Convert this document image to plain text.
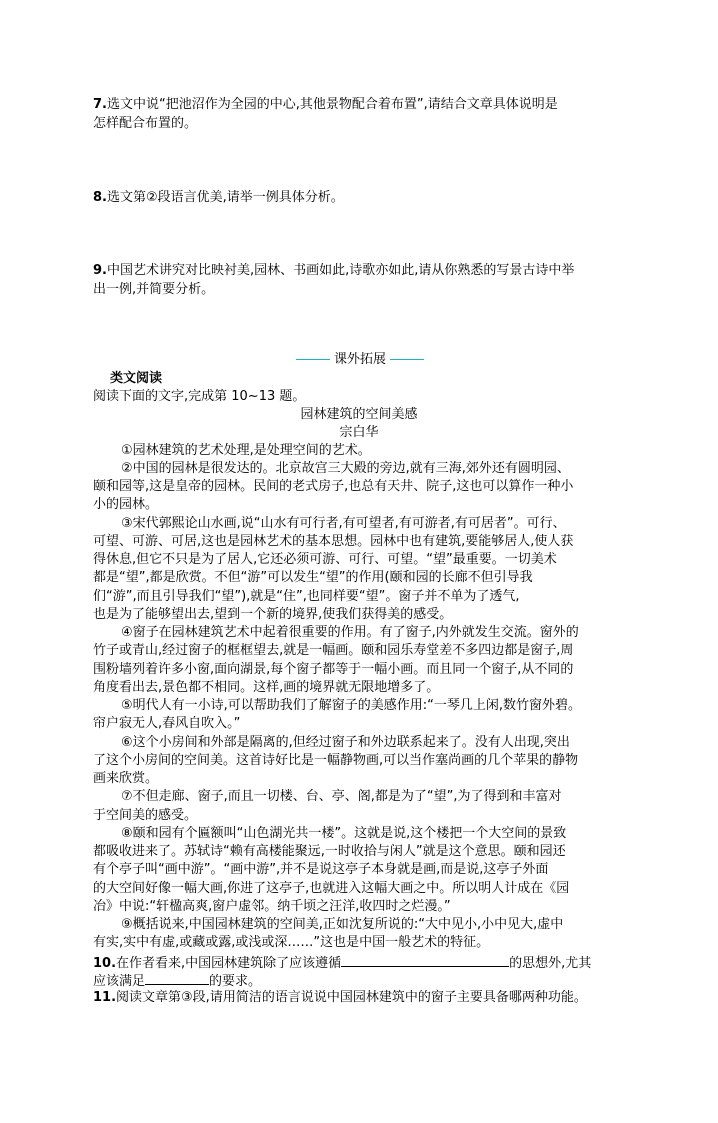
7.选文中说“把池沼作为全园的中心,其他景物配合着布置”,请结合文章具体说明是
怎样配合布置的。
8.选文第②段语言优美,请举一例具体分析。
9.中国艺术讲究对比映衬美,园林、书画如此,诗歌亦如此,请从你熟悉的写景古诗中举
出一例,并简要分析。
课外拓展
类文阅读
阅读下面的文字,完成第 10~13 题。
园林建筑的空间美感
宗白华
①园林建筑的艺术处理,是处理空间的艺术。
②中国的园林是很发达的。北京故宫三大殿的旁边,就有三海,郊外还有圆明园、
颐和园等,这是皇帝的园林。民间的老式房子,也总有天井、院子,这也可以算作一种小
小的园林。
③宋代郭熙论山水画,说“山水有可行者,有可望者,有可游者,有可居者”。可行、
可望、可游、可居,这也是园林艺术的基本思想。园林中也有建筑,要能够居人,使人获
得休息,但它不只是为了居人,它还必须可游、可行、可望。“望”最重要。一切美术
都是“望”,都是欣赏。不但“游”可以发生“望”的作用(颐和园的长廊不但引导我
们“游”,而且引导我们“望”),就是“住”,也同样要“望”。窗子并不单为了透气,
也是为了能够望出去,望到一个新的境界,使我们获得美的感受。
④窗子在园林建筑艺术中起着很重要的作用。有了窗子,内外就发生交流。窗外的
竹子或青山,经过窗子的框框望去,就是一幅画。颐和园乐寿堂差不多四边都是窗子,周
围粉墙列着许多小窗,面向湖景,每个窗子都等于一幅小画。而且同一个窗子,从不同的
角度看出去,景色都不相同。这样,画的境界就无限地增多了。
⑤明代人有一小诗,可以帮助我们了解窗子的美感作用:“一琴几上闲,数竹窗外碧。
帘户寂无人,春风自吹入。”
⑥这个小房间和外部是隔离的,但经过窗子和外边联系起来了。没有人出现,突出
了这个小房间的空间美。这首诗好比是一幅静物画,可以当作塞尚画的几个苹果的静物
画来欣赏。
⑦不但走廊、窗子,而且一切楼、台、亭、阁,都是为了“望”,为了得到和丰富对
于空间美的感受。
⑧颐和园有个匾额叫“山色湖光共一楼”。这就是说,这个楼把一个大空间的景致
都吸收进来了。苏轼诗“赖有高楼能聚远,一时收拾与闲人”就是这个意思。颐和园还
有个亭子叫“画中游”。“画中游”,并不是说这亭子本身就是画,而是说,这亭子外面
的大空间好像一幅大画,你进了这亭子,也就进入这幅大画之中。所以明人计成在《园
冶》中说:“轩楹高爽,窗户虚邻。纳千顷之汪洋,收四时之烂漫。”
⑨概括说来,中国园林建筑的空间美,正如沈复所说的:“大中见小,小中见大,虚中
有实,实中有虚,或藏或露,或浅或深……”这也是中国一般艺术的特征。
10.在作者看来,中国园林建筑除了应该遵循	的思想外,尤其
应该满足	的要求。
11.阅读文章第③段,请用简洁的语言说说中国园林建筑中的窗子主要具备哪两种功能。
